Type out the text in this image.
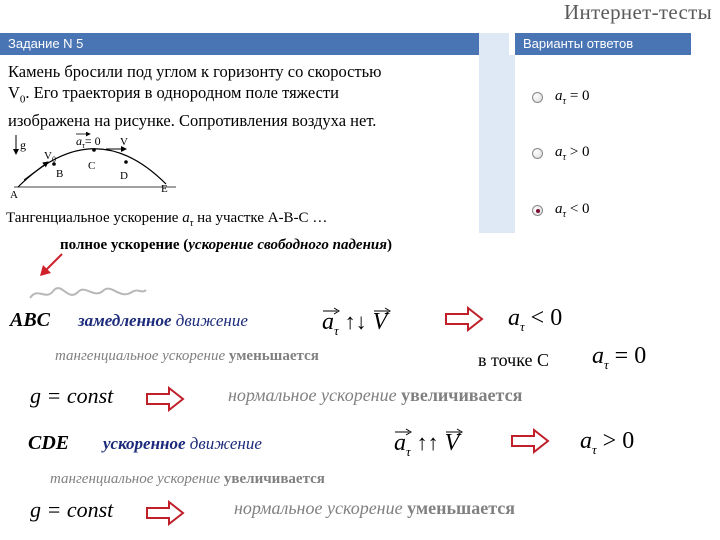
Интернет-тесты
Задание N 5	Варианты ответов
Камень бросили под углом к горизонту со скоростью
$V_0$. Его траектория в однородном поле тяжести
изображена на рисунке. Сопротивления воздуха нет.
g
$V_0$
$a_\tau= 0$ V
A
B
C
D
E
$a_\tau = 0$
$a_\tau > 0$
$a_\tau < 0$
Тангенциальное ускорение $a_\tau$ на участке А-В-С …
полное ускорение (ускорение свободного падения)
ABC замедленное движение	$a_\tau$ ↑↓ V	$a_\tau < 0$
тангенциальное ускорение уменьшается	в точке С $a_\tau = 0$
g = const	нормальное ускорение увеличивается
CDE ускоренное движение	$a_\tau$ ↑↑ V	$a_\tau > 0$
тангенциальное ускорение увеличивается
g = const	нормальное ускорение уменьшается
